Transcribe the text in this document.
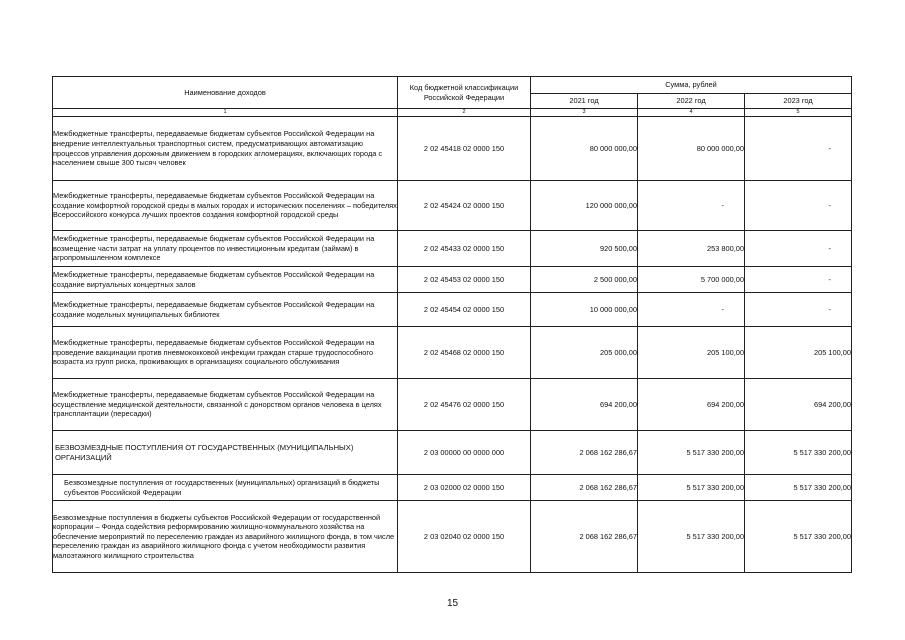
Наименование доходов	Код бюджетной классификации Российской Федерации	Сумма, рублей		
		2021 год	2022 год	2023 год
1	2	3	4	5
Межбюджетные трансферты, передаваемые бюджетам субъектов Российской Федерации на внедрение интеллектуальных транспортных систем, предусматривающих автоматизацию процессов управления дорожным движением в городских агломерациях, включающих города с населением свыше 300 тысяч человек	2 02 45418 02 0000 150	80 000 000,00	80 000 000,00	-
Межбюджетные трансферты, передаваемые бюджетам субъектов Российской Федерации на создание комфортной городской среды в малых городах и исторических поселениях – победителях Всероссийского конкурса лучших проектов создания комфортной городской среды	2 02 45424 02 0000 150	120 000 000,00	-	-
Межбюджетные трансферты, передаваемые бюджетам субъектов Российской Федерации на возмещение части затрат на уплату процентов по инвестиционным кредитам (займам) в агропромышленном комплексе	2 02 45433 02 0000 150	920 500,00	253 800,00	-
Межбюджетные трансферты, передаваемые бюджетам субъектов Российской Федерации на создание виртуальных концертных залов	2 02 45453 02 0000 150	2 500 000,00	5 700 000,00	-
Межбюджетные трансферты, передаваемые бюджетам субъектов Российской Федерации на создание модельных муниципальных библиотек	2 02 45454 02 0000 150	10 000 000,00	-	-
Межбюджетные трансферты, передаваемые бюджетам субъектов Российской Федерации на проведение вакцинации против пневмококковой инфекции граждан старше трудоспособного возраста из групп риска, проживающих в организациях социального обслуживания	2 02 45468 02 0000 150	205 000,00	205 100,00	205 100,00
Межбюджетные трансферты, передаваемые бюджетам субъектов Российской Федерации на осуществление медицинской деятельности, связанной с донорством органов человека в целях трансплантации (пересадки)	2 02 45476 02 0000 150	694 200,00	694 200,00	694 200,00
БЕЗВОЗМЕЗДНЫЕ ПОСТУПЛЕНИЯ ОТ ГОСУДАРСТВЕННЫХ (МУНИЦИПАЛЬНЫХ) ОРГАНИЗАЦИЙ	2 03 00000 00 0000 000	2 068 162 286,67	5 517 330 200,00	5 517 330 200,00
Безвозмездные поступления от государственных (муниципальных) организаций в бюджеты субъектов Российской Федерации	2 03 02000 02 0000 150	2 068 162 286,67	5 517 330 200,00	5 517 330 200,00
Безвозмездные поступления в бюджеты субъектов Российской Федерации от государственной корпорации – Фонда содействия реформированию жилищно-коммунального хозяйства на обеспечение мероприятий по переселению граждан из аварийного жилищного фонда, в том числе переселению граждан из аварийного жилищного фонда с учетом необходимости развития малоэтажного жилищного строительства	2 03 02040 02 0000 150	2 068 162 286,67	5 517 330 200,00	5 517 330 200,00
15
